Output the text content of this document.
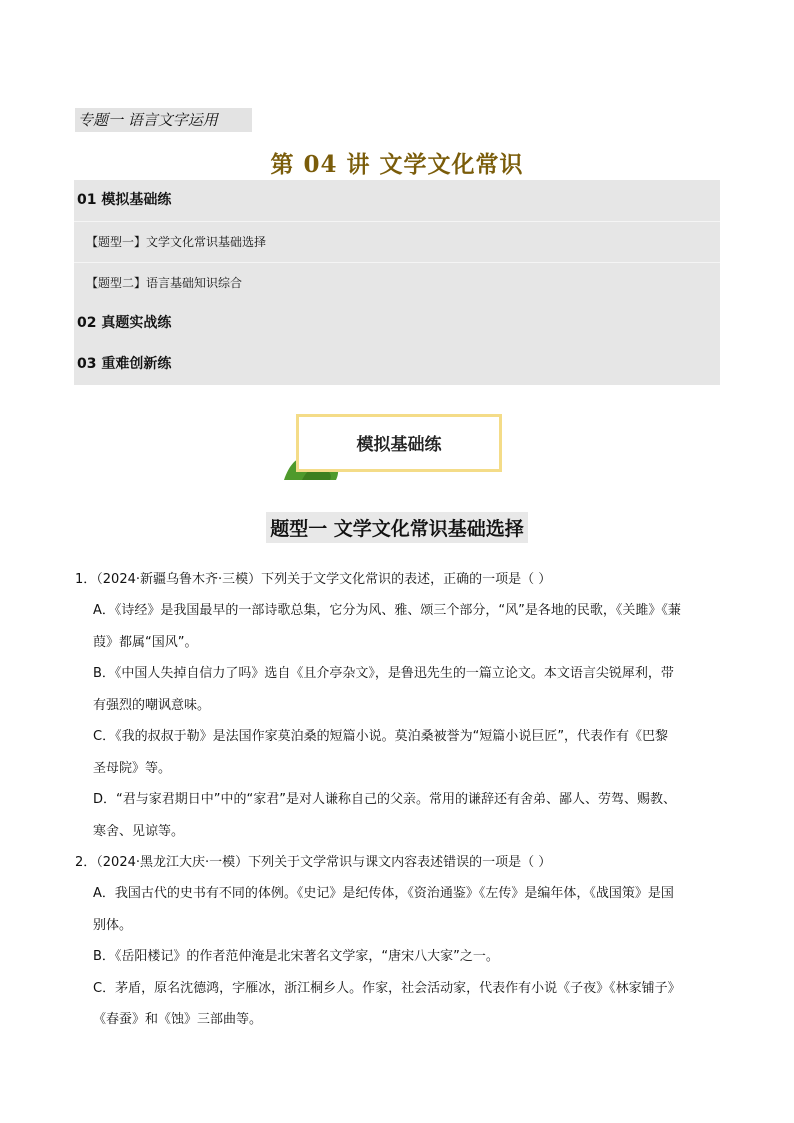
专题一 语言文字运用
第 04 讲 文学文化常识
01 模拟基础练
【题型一】文学文化常识基础选择
【题型二】语言基础知识综合
02 真题实战练
03 重难创新练
模拟基础练
题型一 文学文化常识基础选择
1．（2024·新疆乌鲁木齐·三模）下列关于文学文化常识的表述，正确的一项是（ ）
A．《诗经》是我国最早的一部诗歌总集，它分为风、雅、颂三个部分，“风”是各地的民歌，《关雎》《蒹
葭》都属“国风”。
B．《中国人失掉自信力了吗》选自《且介亭杂文》，是鲁迅先生的一篇立论文。本文语言尖锐犀利，带
有强烈的嘲讽意味。
C．《我的叔叔于勒》是法国作家莫泊桑的短篇小说。莫泊桑被誉为“短篇小说巨匠”，代表作有《巴黎
圣母院》等。
D．“君与家君期日中”中的“家君”是对人谦称自己的父亲。常用的谦辞还有舍弟、鄙人、劳驾、赐教、
寒舍、见谅等。
2．（2024·黑龙江大庆·一模）下列关于文学常识与课文内容表述错误的一项是（ ）
A．我国古代的史书有不同的体例。《史记》是纪传体，《资治通鉴》《左传》是编年体，《战国策》是国
别体。
B．《岳阳楼记》的作者范仲淹是北宋著名文学家，“唐宋八大家”之一。
C．茅盾，原名沈德鸿，字雁冰，浙江桐乡人。作家，社会活动家，代表作有小说《子夜》《林家铺子》
《春蚕》和《蚀》三部曲等。
